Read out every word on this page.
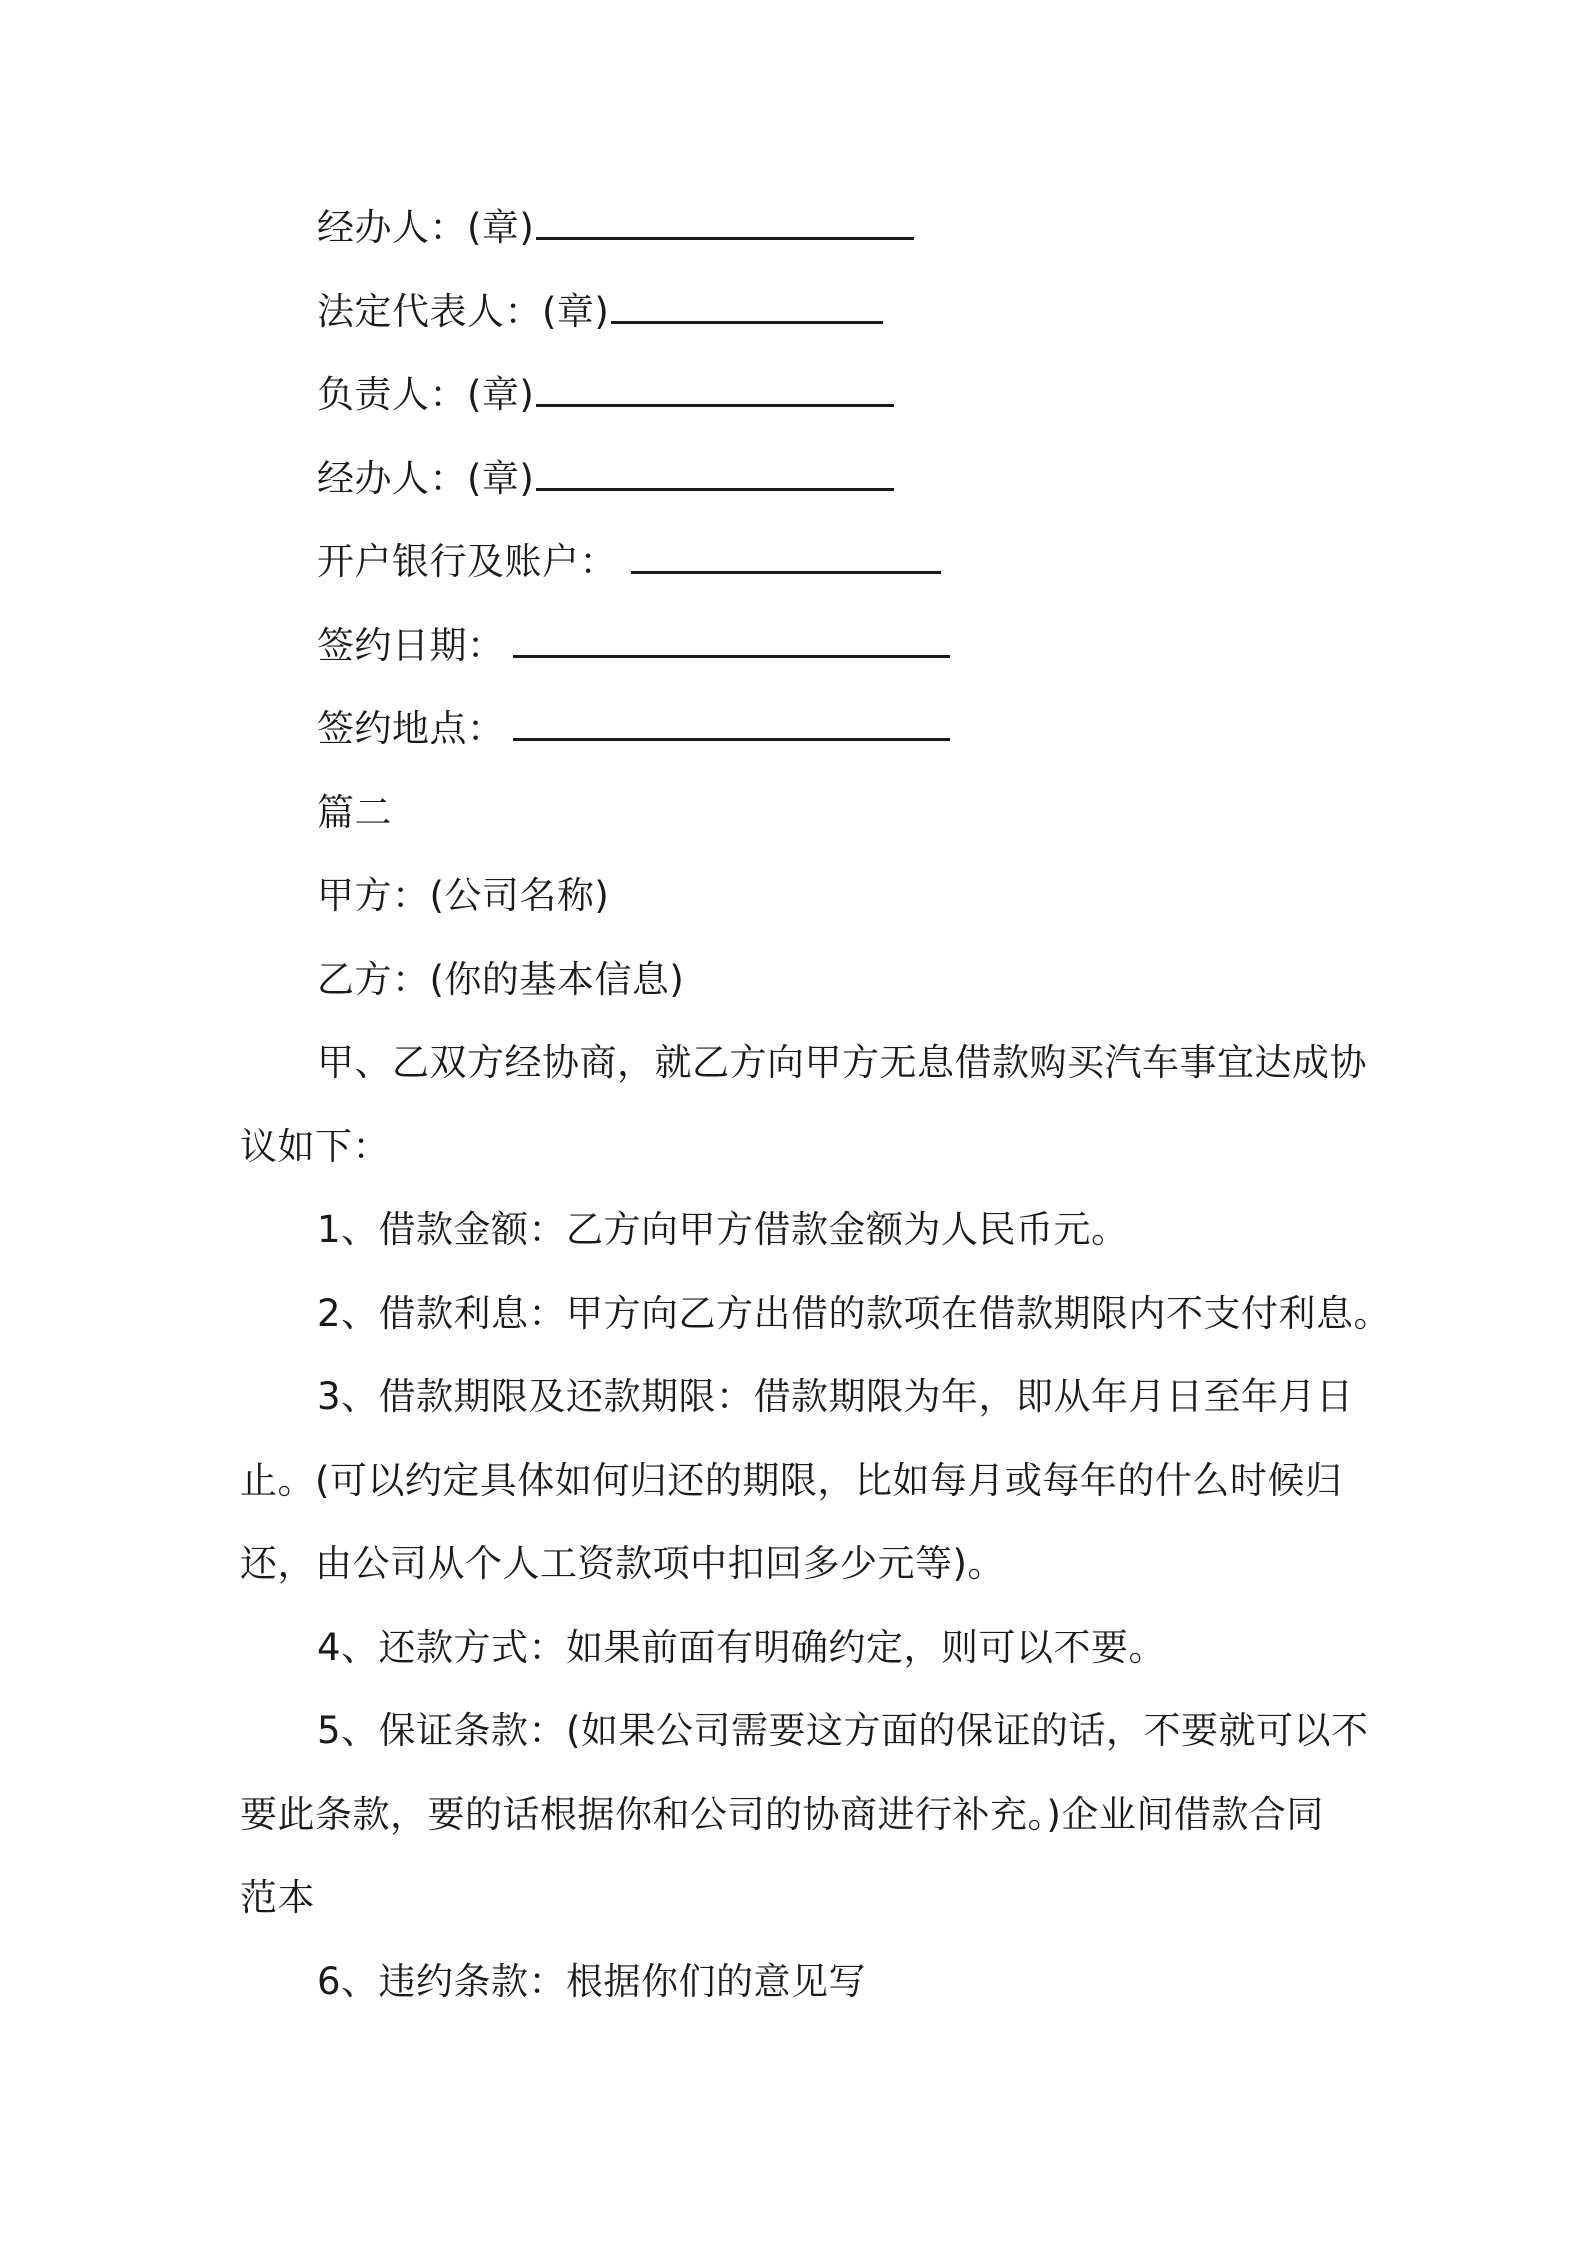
经办人：(章)
法定代表人：(章)
负责人：(章)
经办人：(章)
开户银行及账户：
签约日期：
签约地点：
篇二
甲方：(公司名称)
乙方：(你的基本信息)
甲、乙双方经协商，就乙方向甲方无息借款购买汽车事宜达成协
议如下：
1、借款金额：乙方向甲方借款金额为人民币元。
2、借款利息：甲方向乙方出借的款项在借款期限内不支付利息。
3、借款期限及还款期限：借款期限为年，即从年月日至年月日
止。(可以约定具体如何归还的期限，比如每月或每年的什么时候归
还，由公司从个人工资款项中扣回多少元等)。
4、还款方式：如果前面有明确约定，则可以不要。
5、保证条款：(如果公司需要这方面的保证的话，不要就可以不
要此条款，要的话根据你和公司的协商进行补充。)企业间借款合同
范本
6、违约条款：根据你们的意见写
